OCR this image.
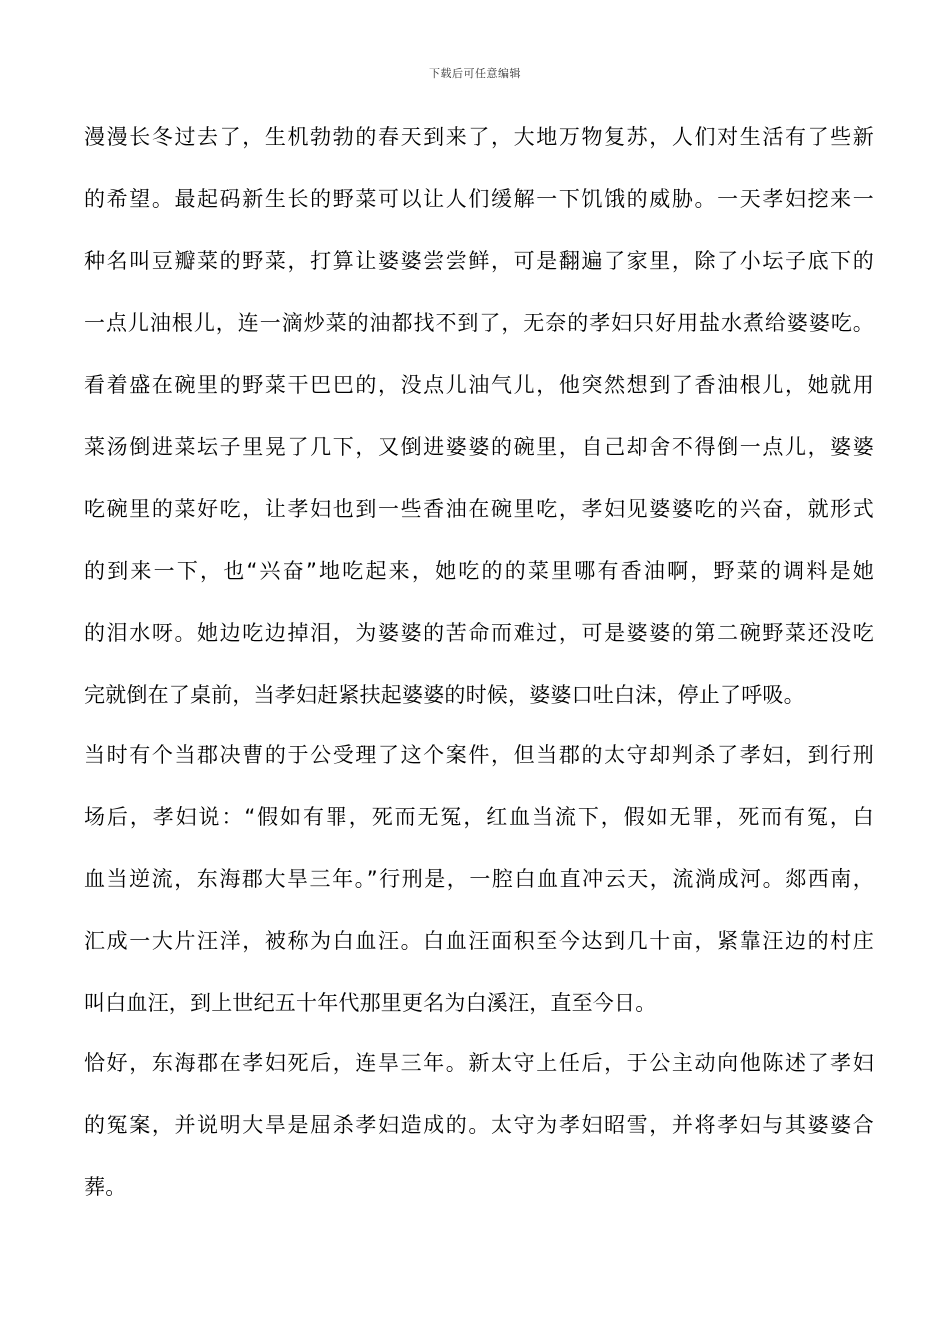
下载后可任意编辑
漫漫长冬过去了，生机勃勃的春天到来了，大地万物复苏，人们对生活有了些新
的希望。最起码新生长的野菜可以让人们缓解一下饥饿的威胁。一天孝妇挖来一
种名叫豆瓣菜的野菜，打算让婆婆尝尝鲜，可是翻遍了家里，除了小坛子底下的
一点儿油根儿，连一滴炒菜的油都找不到了，无奈的孝妇只好用盐水煮给婆婆吃。
看着盛在碗里的野菜干巴巴的，没点儿油气儿，他突然想到了香油根儿，她就用
菜汤倒进菜坛子里晃了几下，又倒进婆婆的碗里，自己却舍不得倒一点儿，婆婆
吃碗里的菜好吃，让孝妇也到一些香油在碗里吃，孝妇见婆婆吃的兴奋，就形式
的到来一下，也“兴奋”地吃起来，她吃的的菜里哪有香油啊，野菜的调料是她
的泪水呀。她边吃边掉泪，为婆婆的苦命而难过，可是婆婆的第二碗野菜还没吃
完就倒在了桌前，当孝妇赶紧扶起婆婆的时候，婆婆口吐白沫，停止了呼吸。
当时有个当郡决曹的于公受理了这个案件，但当郡的太守却判杀了孝妇，到行刑
场后，孝妇说：“假如有罪，死而无冤，红血当流下，假如无罪，死而有冤，白
血当逆流，东海郡大旱三年。”行刑是，一腔白血直冲云天，流淌成河。郯西南，
汇成一大片汪洋，被称为白血汪。白血汪面积至今达到几十亩，紧靠汪边的村庄
叫白血汪，到上世纪五十年代那里更名为白溪汪，直至今日。
恰好，东海郡在孝妇死后，连旱三年。新太守上任后，于公主动向他陈述了孝妇
的冤案，并说明大旱是屈杀孝妇造成的。太守为孝妇昭雪，并将孝妇与其婆婆合
葬。
